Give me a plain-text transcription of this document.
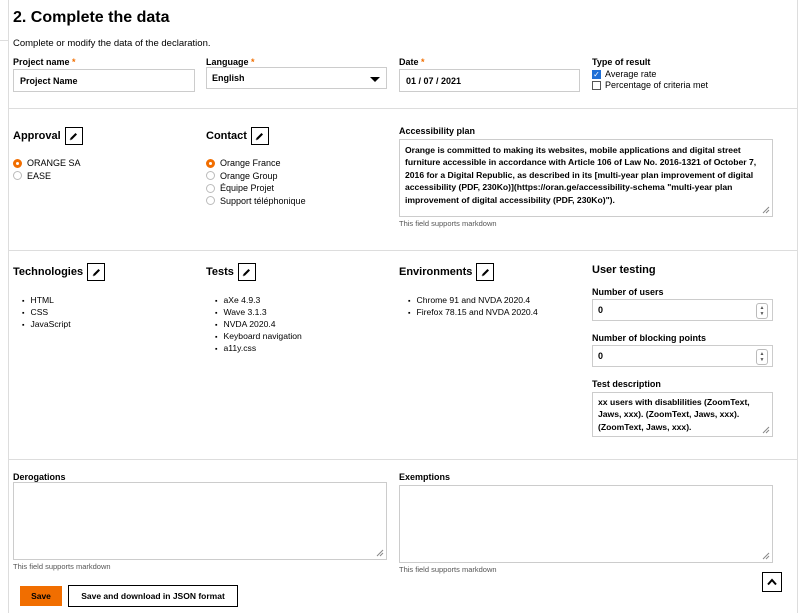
2. Complete the data
Complete or modify the data of the declaration.
Project name *
Project Name
Language *
English
Date *
01 / 07 / 2021
Type of result
✓ Average rate
Percentage of criteria met
Approval
ORANGE SA
EASE
Contact
Orange France
Orange Group
Équipe Projet
Support téléphonique
Accessibility plan
Orange is committed to making its websites, mobile applications and digital street furniture accessible in accordance with Article 106 of Law No. 2016-1321 of October 7, 2016 for a Digital Republic, as described in its [multi-year plan improvement of digital accessibility (PDF, 230Ko)](https://oran.ge/accessibility-schema "multi-year plan improvement of digital accessibility (PDF, 230Ko)").
This field supports markdown
Technologies
▪ HTML
▪ CSS
▪ JavaScript
Tests
▪ aXe 4.9.3
▪ Wave 3.1.3
▪ NVDA 2020.4
▪ Keyboard navigation
▪ a11y.css
Environments
▪ Chrome 91 and NVDA 2020.4
▪ Firefox 78.15 and NVDA 2020.4
User testing
Number of users
0	▲
▼
Number of blocking points
0	▲
▼
Test description
xx users with disablilities (ZoomText, Jaws, xxx). (ZoomText, Jaws, xxx). (ZoomText, Jaws, xxx).
Derogations
This field supports markdown
Exemptions
This field supports markdown
Save	Save and download in JSON format
